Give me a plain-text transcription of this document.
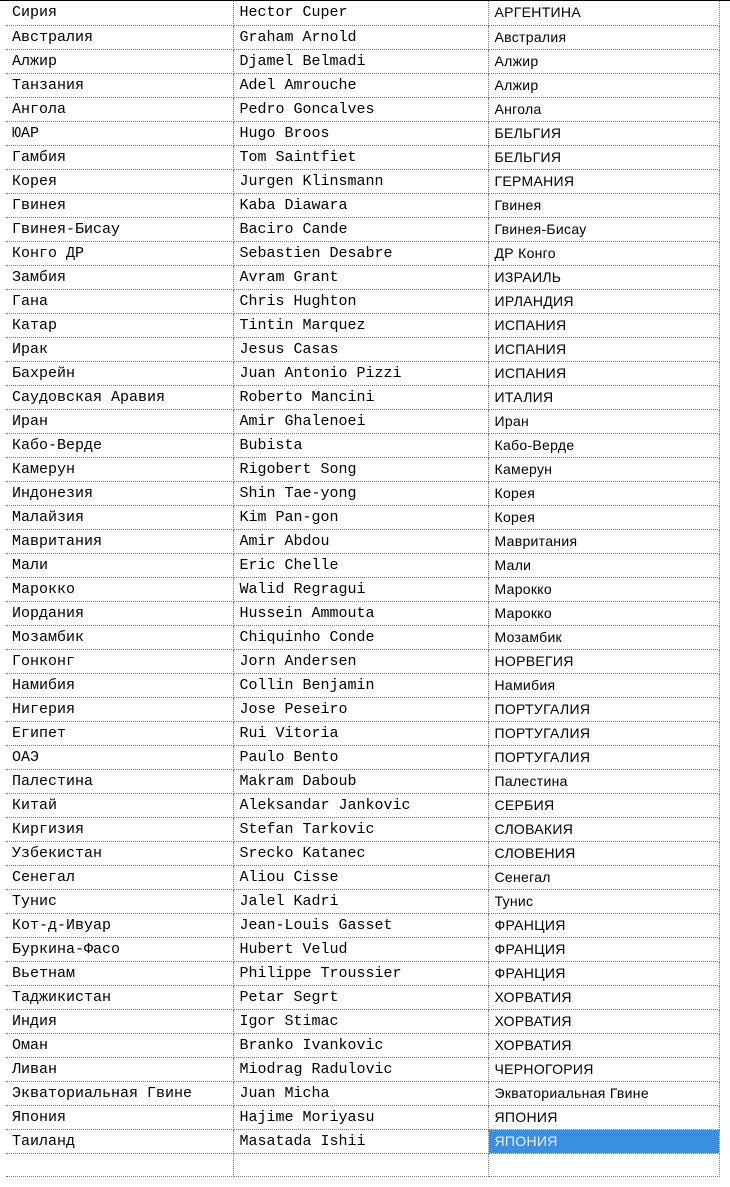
Сирия	Hector Cuper	АРГЕНТИНА
Австралия	Graham Arnold	Австралия
Алжир	Djamel Belmadi	Алжир
Танзания	Adel Amrouche	Алжир
Ангола	Pedro Goncalves	Ангола
ЮАР	Hugo Broos	БЕЛЬГИЯ
Гамбия	Tom Saintfiet	БЕЛЬГИЯ
Корея	Jurgen Klinsmann	ГЕРМАНИЯ
Гвинея	Kaba Diawara	Гвинея
Гвинея-Бисау	Baciro Cande	Гвинея-Бисау
Конго ДР	Sebastien Desabre	ДР Конго
Замбия	Avram Grant	ИЗРАИЛЬ
Гана	Chris Hughton	ИРЛАНДИЯ
Катар	Tintin Marquez	ИСПАНИЯ
Ирак	Jesus Casas	ИСПАНИЯ
Бахрейн	Juan Antonio Pizzi	ИСПАНИЯ
Саудовская Аравия	Roberto Mancini	ИТАЛИЯ
Иран	Amir Ghalenoei	Иран
Кабо-Верде	Bubista	Кабо-Верде
Камерун	Rigobert Song	Камерун
Индонезия	Shin Tae-yong	Корея
Малайзия	Kim Pan-gon	Корея
Мавритания	Amir Abdou	Мавритания
Мали	Eric Chelle	Мали
Марокко	Walid Regragui	Марокко
Иордания	Hussein Ammouta	Марокко
Мозамбик	Chiquinho Conde	Мозамбик
Гонконг	Jorn Andersen	НОРВЕГИЯ
Намибия	Collin Benjamin	Намибия
Нигерия	Jose Peseiro	ПОРТУГАЛИЯ
Египет	Rui Vitoria	ПОРТУГАЛИЯ
ОАЭ	Paulo Bento	ПОРТУГАЛИЯ
Палестина	Makram Daboub	Палестина
Китай	Aleksandar Jankovic	СЕРБИЯ
Киргизия	Stefan Tarkovic	СЛОВАКИЯ
Узбекистан	Srecko Katanec	СЛОВЕНИЯ
Сенегал	Aliou Cisse	Сенегал
Тунис	Jalel Kadri	Тунис
Кот-д-Ивуар	Jean-Louis Gasset	ФРАНЦИЯ
Буркина-Фасо	Hubert Velud	ФРАНЦИЯ
Вьетнам	Philippe Troussier	ФРАНЦИЯ
Таджикистан	Petar Segrt	ХОРВАТИЯ
Индия	Igor Stimac	ХОРВАТИЯ
Оман	Branko Ivankovic	ХОРВАТИЯ
Ливан	Miodrag Radulovic	ЧЕРНОГОРИЯ
Экваториальная Гвине	Juan Micha	Экваториальная Гвине
Япония	Hajime Moriyasu	ЯПОНИЯ
Таиланд	Masatada Ishii	ЯПОНИЯ
